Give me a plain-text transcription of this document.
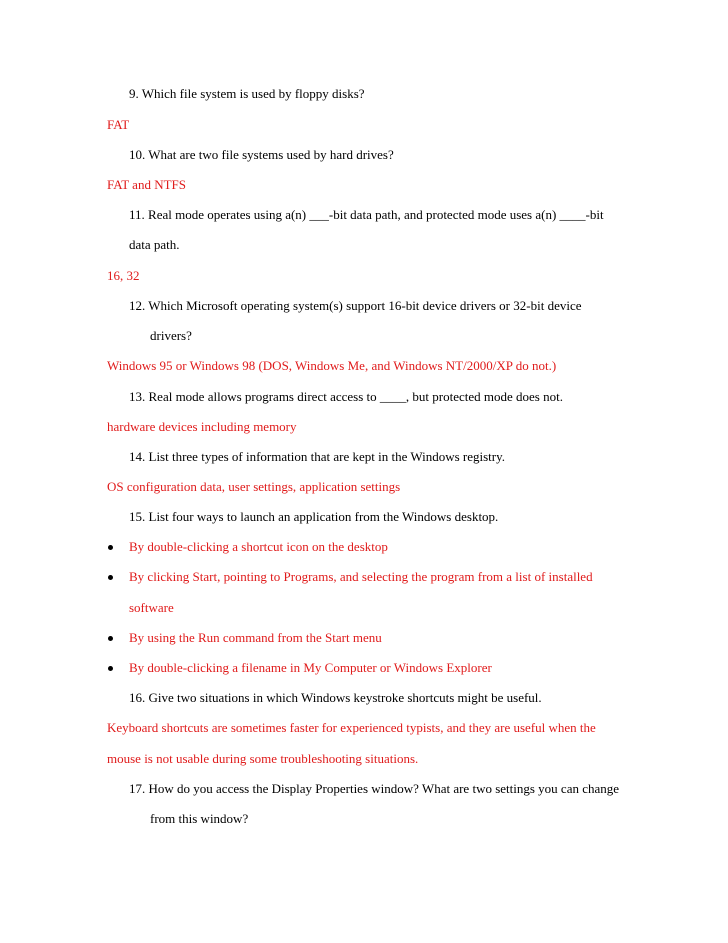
9. Which file system is used by floppy disks?
FAT
10. What are two file systems used by hard drives?
FAT and NTFS
11. Real mode operates using a(n) ___-bit data path, and protected mode uses a(n) ____-bit
data path.
16, 32
12. Which Microsoft operating system(s) support 16-bit device drivers or 32-bit device
drivers?
Windows 95 or Windows 98 (DOS, Windows Me, and Windows NT/2000/XP do not.)
13. Real mode allows programs direct access to ____, but protected mode does not.
hardware devices including memory
14. List three types of information that are kept in the Windows registry.
OS configuration data, user settings, application settings
15. List four ways to launch an application from the Windows desktop.
By double-clicking a shortcut icon on the desktop
By clicking Start, pointing to Programs, and selecting the program from a list of installed
software
By using the Run command from the Start menu
By double-clicking a filename in My Computer or Windows Explorer
16. Give two situations in which Windows keystroke shortcuts might be useful.
Keyboard shortcuts are sometimes faster for experienced typists, and they are useful when the
mouse is not usable during some troubleshooting situations.
17. How do you access the Display Properties window? What are two settings you can change
from this window?
